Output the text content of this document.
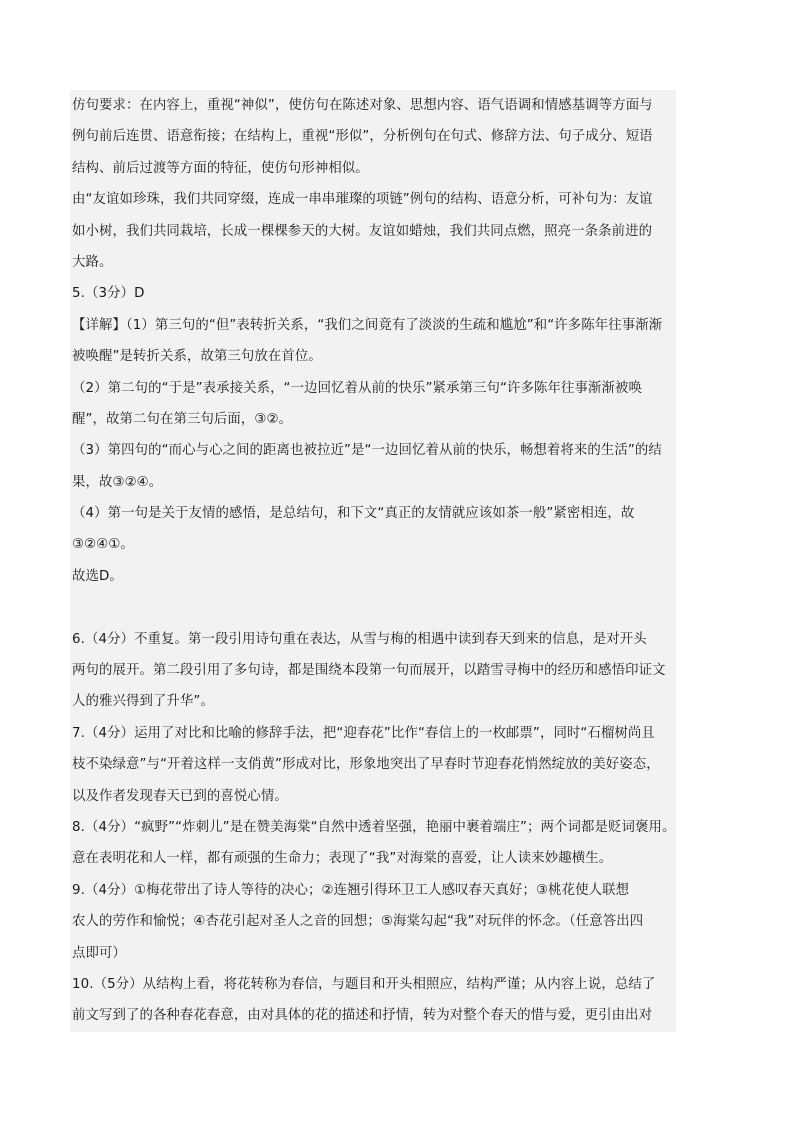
仿句要求：在内容上，重视“神似”，使仿句在陈述对象、思想内容、语气语调和情感基调等方面与
例句前后连贯、语意衔接；在结构上，重视“形似”，分析例句在句式、修辞方法、句子成分、短语
结构、前后过渡等方面的特征，使仿句形神相似。
由“友谊如珍珠，我们共同穿缀，连成一串串璀璨的项链”例句的结构、语意分析，可补句为：友谊
如小树，我们共同栽培，长成一棵棵参天的大树。友谊如蜡烛，我们共同点燃，照亮一条条前进的
大路。
5.（3分）D
【详解】（1）第三句的“但”表转折关系，“我们之间竟有了淡淡的生疏和尴尬”和“许多陈年往事渐渐
被唤醒”是转折关系，故第三句放在首位。
（2）第二句的“于是”表承接关系，“一边回忆着从前的快乐”紧承第三句“许多陈年往事渐渐被唤
醒”，故第二句在第三句后面，③②。
（3）第四句的“而心与心之间的距离也被拉近”是“一边回忆着从前的快乐，畅想着将来的生活”的结
果，故③②④。
（4）第一句是关于友情的感悟，是总结句，和下文“真正的友情就应该如茶一般”紧密相连，故
③②④①。
故选D。
6.（4分）不重复。第一段引用诗句重在表达，从雪与梅的相遇中读到春天到来的信息，是对开头
两句的展开。第二段引用了多句诗，都是围绕本段第一句而展开，以踏雪寻梅中的经历和感悟印证文
人的雅兴得到了升华”。
7.（4分）运用了对比和比喻的修辞手法，把“迎春花”比作“春信上的一枚邮票”，同时“石榴树尚且
枝不染绿意”与“开着这样一支俏黄”形成对比，形象地突出了早春时节迎春花悄然绽放的美好姿态，
以及作者发现春天已到的喜悦心情。
8.（4分）“疯野”“炸刺儿”是在赞美海棠“自然中透着坚强，艳丽中裹着端庄”；两个词都是贬词褒用。
意在表明花和人一样，都有顽强的生命力；表现了“我”对海棠的喜爱，让人读来妙趣横生。
9.（4分）①梅花带出了诗人等待的决心；②连翘引得环卫工人感叹春天真好；③桃花使人联想
农人的劳作和愉悦；④杏花引起对圣人之音的回想；⑤海棠勾起“我”对玩伴的怀念。（任意答出四
点即可）
10.（5分）从结构上看，将花转称为春信，与题目和开头相照应，结构严谨；从内容上说，总结了
前文写到了的各种春花春意，由对具体的花的描述和抒情，转为对整个春天的惜与爱，更引由出对
